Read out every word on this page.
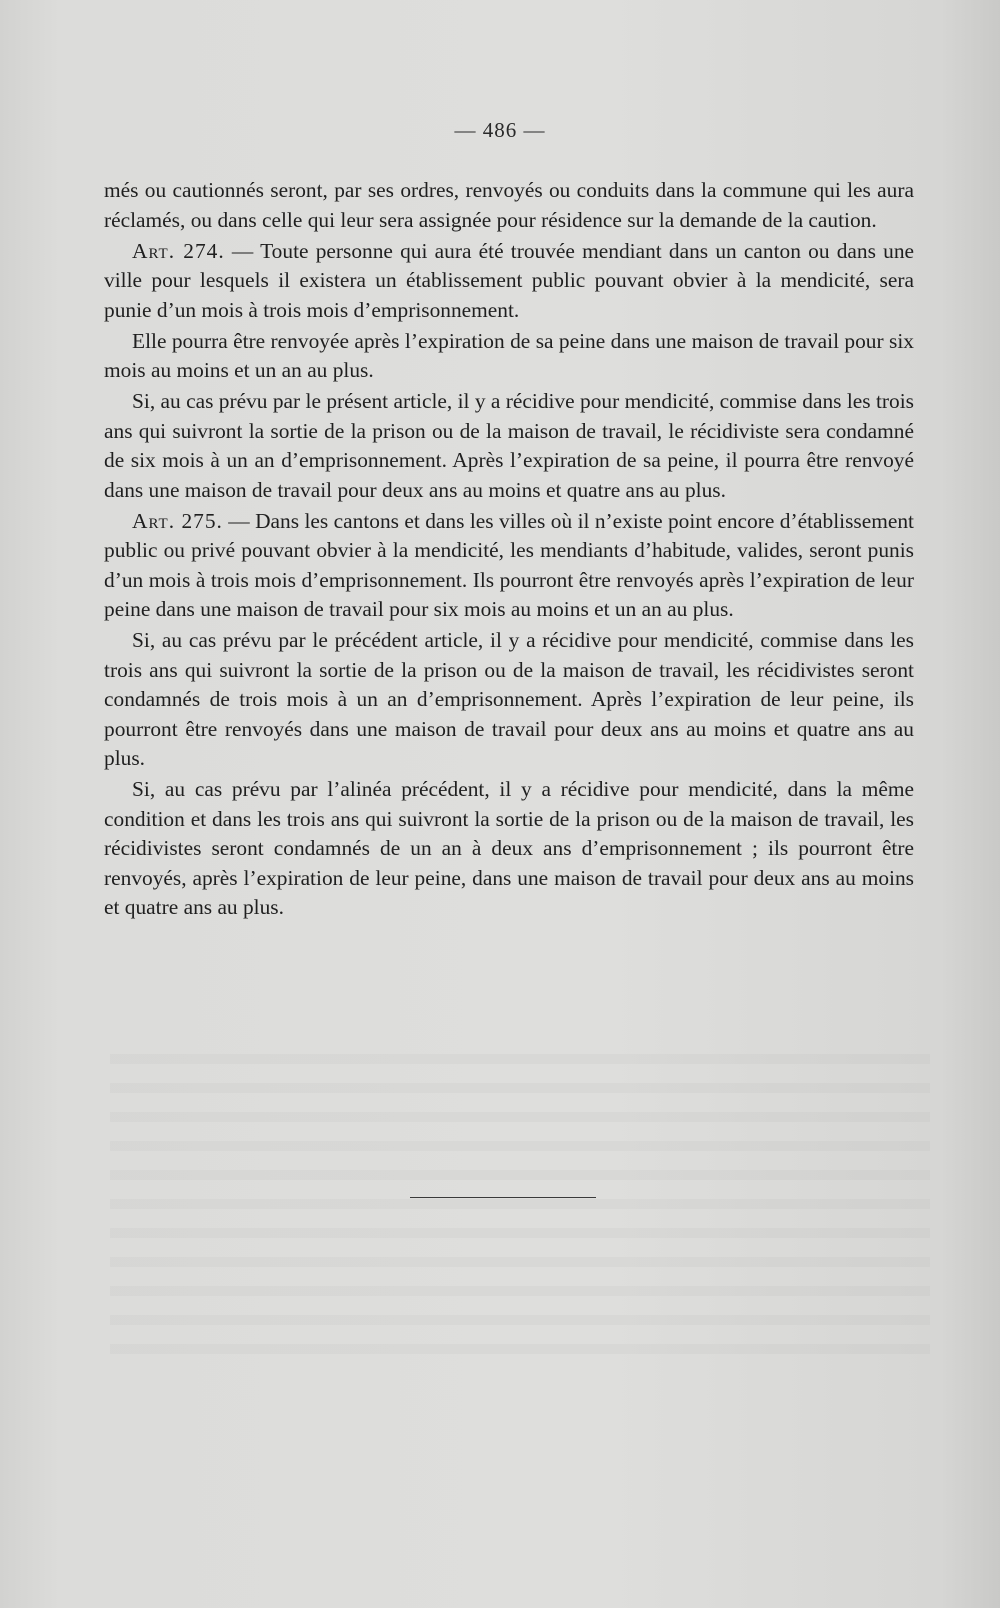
— 486 —

més ou cautionnés seront, par ses ordres, renvoyés ou conduits dans la commune qui les aura réclamés, ou dans celle qui leur sera assignée pour résidence sur la demande de la caution.

Art. 274. — Toute personne qui aura été trouvée mendiant dans un canton ou dans une ville pour lesquels il existera un établissement public pouvant obvier à la mendicité, sera punie d’un mois à trois mois d’emprisonnement.

Elle pourra être renvoyée après l’expiration de sa peine dans une maison de travail pour six mois au moins et un an au plus.

Si, au cas prévu par le présent article, il y a récidive pour mendicité, commise dans les trois ans qui suivront la sortie de la prison ou de la maison de travail, le récidiviste sera condamné de six mois à un an d’emprisonnement. Après l’expiration de sa peine, il pourra être renvoyé dans une maison de travail pour deux ans au moins et quatre ans au plus.

Art. 275. — Dans les cantons et dans les villes où il n’existe point encore d’établissement public ou privé pouvant obvier à la mendicité, les mendiants d’habitude, valides, seront punis d’un mois à trois mois d’emprisonnement. Ils pourront être renvoyés après l’expiration de leur peine dans une maison de travail pour six mois au moins et un an au plus.

Si, au cas prévu par le précédent article, il y a récidive pour mendicité, commise dans les trois ans qui suivront la sortie de la prison ou de la maison de travail, les récidivistes seront condamnés de trois mois à un an d’emprisonnement. Après l’expiration de leur peine, ils pourront être renvoyés dans une maison de travail pour deux ans au moins et quatre ans au plus.

Si, au cas prévu par l’alinéa précédent, il y a récidive pour mendicité, dans la même condition et dans les trois ans qui suivront la sortie de la prison ou de la maison de travail, les récidivistes seront condamnés de un an à deux ans d’emprisonnement ; ils pourront être renvoyés, après l’expiration de leur peine, dans une maison de travail pour deux ans au moins et quatre ans au plus.
